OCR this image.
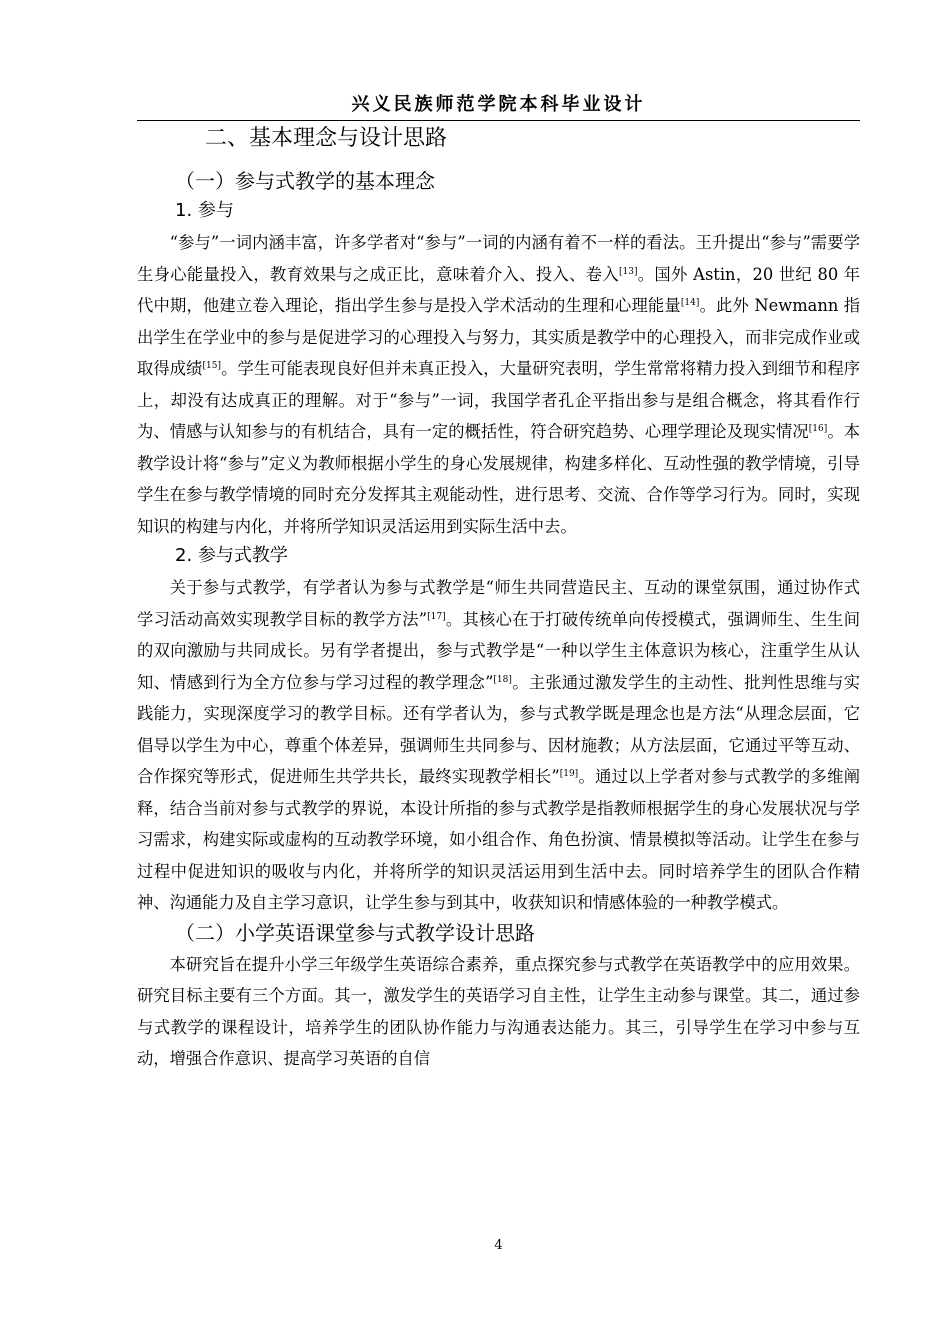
兴义民族师范学院本科毕业设计
二、基本理念与设计思路
（一）参与式教学的基本理念
1. 参与

“参与”一词内涵丰富，许多学者对“参与”一词的内涵有着不一样的看法。王升提出“参与”需要学生身心能量投入，教育效果与之成正比，意味着介入、投入、卷入[13]。国外 Astin，20 世纪 80 年代中期，他建立卷入理论，指出学生参与是投入学术活动的生理和心理能量[14]。此外 Newmann 指出学生在学业中的参与是促进学习的心理投入与努力，其实质是教学中的心理投入，而非完成作业或取得成绩[15]。学生可能表现良好但并未真正投入，大量研究表明，学生常常将精力投入到细节和程序上，却没有达成真正的理解。对于“参与”一词，我国学者孔企平指出参与是组合概念，将其看作行为、情感与认知参与的有机结合，具有一定的概括性，符合研究趋势、心理学理论及现实情况[16]。本教学设计将“参与”定义为教师根据小学生的身心发展规律，构建多样化、互动性强的教学情境，引导学生在参与教学情境的同时充分发挥其主观能动性，进行思考、交流、合作等学习行为。同时，实现知识的构建与内化，并将所学知识灵活运用到实际生活中去。

2. 参与式教学

关于参与式教学，有学者认为参与式教学是“师生共同营造民主、互动的课堂氛围，通过协作式学习活动高效实现教学目标的教学方法”[17]。其核心在于打破传统单向传授模式，强调师生、生生间的双向激励与共同成长。另有学者提出，参与式教学是“一种以学生主体意识为核心，注重学生从认知、情感到行为全方位参与学习过程的教学理念”[18]。主张通过激发学生的主动性、批判性思维与实践能力，实现深度学习的教学目标。还有学者认为，参与式教学既是理念也是方法“从理念层面，它倡导以学生为中心，尊重个体差异，强调师生共同参与、因材施教；从方法层面，它通过平等互动、合作探究等形式，促进师生共学共长，最终实现教学相长”[19]。通过以上学者对参与式教学的多维阐释，结合当前对参与式教学的界说，本设计所指的参与式教学是指教师根据学生的身心发展状况与学习需求，构建实际或虚构的互动教学环境，如小组合作、角色扮演、情景模拟等活动。让学生在参与过程中促进知识的吸收与内化，并将所学的知识灵活运用到生活中去。同时培养学生的团队合作精神、沟通能力及自主学习意识，让学生参与到其中，收获知识和情感体验的一种教学模式。

（二）小学英语课堂参与式教学设计思路

本研究旨在提升小学三年级学生英语综合素养，重点探究参与式教学在英语教学中的应用效果。研究目标主要有三个方面。其一，激发学生的英语学习自主性，让学生主动参与课堂。其二，通过参与式教学的课程设计，培养学生的团队协作能力与沟通表达能力。其三，引导学生在学习中参与互动，增强合作意识、提高学习英语的自信

4
